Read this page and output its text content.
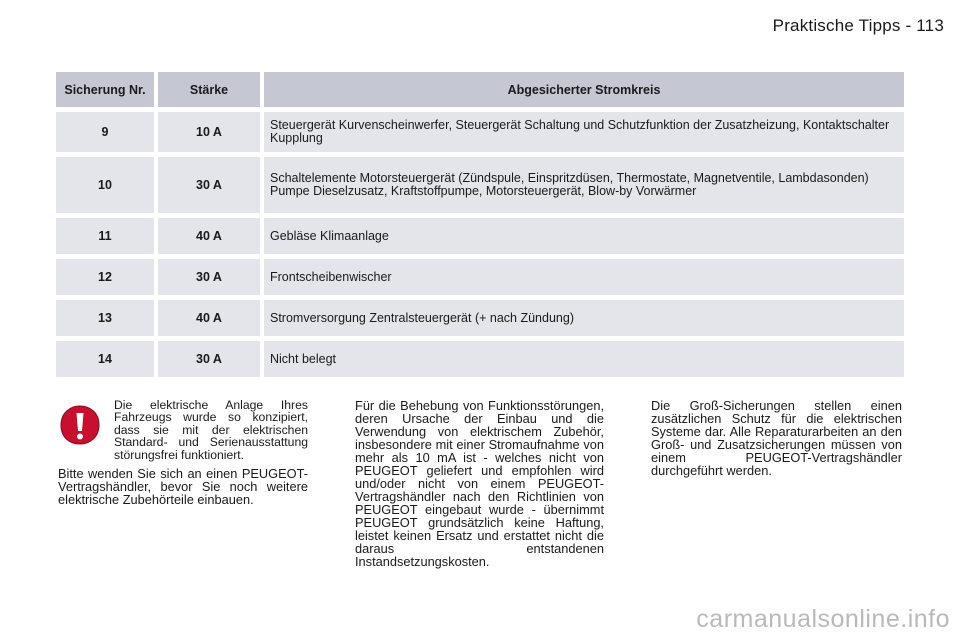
Praktische Tipps - 113
Sicherung Nr.	Stärke	Abgesicherter Stromkreis
9	10 A	Steuergerät Kurvenscheinwerfer, Steuergerät Schaltung und Schutzfunktion der Zusatzheizung, Kontaktschalter Kupplung
10	30 A	Schaltelemente Motorsteuergerät (Zündspule, Einspritzdüsen, Thermostate, Magnetventile, Lambdasonden) Pumpe Dieselzusatz, Kraftstoffpumpe, Motorsteuergerät, Blow-by Vorwärmer
11	40 A	Gebläse Klimaanlage
12	30 A	Frontscheibenwischer
13	40 A	Stromversorgung Zentralsteuergerät (+ nach Zündung)
14	30 A	Nicht belegt
Die elektrische Anlage Ihres Fahrzeugs wurde so konzipiert, dass sie mit der elektrischen Standard- und Serienausstattung störungsfrei funktioniert.
Bitte wenden Sie sich an einen PEUGEOT-Vertragshändler, bevor Sie noch weitere elektrische Zubehörteile einbauen.
Für die Behebung von Funktionsstörungen, deren Ursache der Einbau und die Verwendung von elektrischem Zubehör, insbesondere mit einer Stromaufnahme von mehr als 10 mA ist - welches nicht von PEUGEOT geliefert und empfohlen wird und/oder nicht von einem PEUGEOT-Vertragshändler nach den Richtlinien von PEUGEOT eingebaut wurde - übernimmt PEUGEOT grundsätzlich keine Haftung, leistet keinen Ersatz und erstattet nicht die daraus entstandenen Instandsetzungskosten.
Die Groß-Sicherungen stellen einen zusätzlichen Schutz für die elektrischen Systeme dar. Alle Reparaturarbeiten an den Groß- und Zusatzsicherungen müssen von einem PEUGEOT-Vertragshändler durchgeführt werden.
carmanualsonline.info
